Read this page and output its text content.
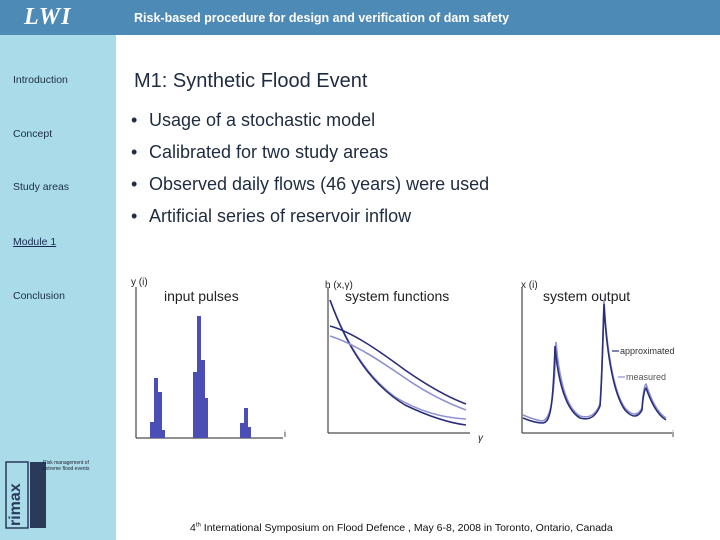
LWI	Risk-based procedure for design and verification of dam safety
Introduction
Concept
Study areas
Module 1
Conclusion
rimax
Risk management of extreme flood events
M1: Synthetic Flood Event
• Usage of a stochastic model
• Calibrated for two study areas
• Observed daily flows (46 years) were used
• Artificial series of reservoir inflow
y (i)
input pulses
i
h (x,γ)
system functions
γ
x (i)
system output
i
approximated
measured
4th International Symposium on Flood Defence , May 6-8, 2008 in Toronto, Ontario, Canada
